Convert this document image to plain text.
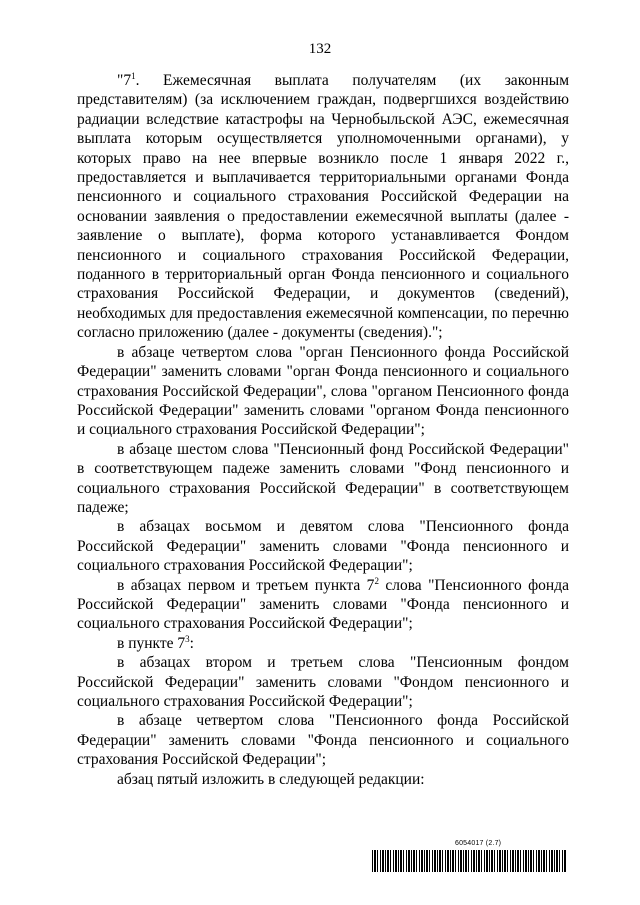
132

"$7^1$. Ежемесячная выплата получателям (их законным представителям) (за исключением граждан, подвергшихся воздействию радиации вследствие катастрофы на Чернобыльской АЭС, ежемесячная выплата которым осуществляется уполномоченными органами), у которых право на нее впервые возникло после 1 января 2022 г., предоставляется и выплачивается территориальными органами Фонда пенсионного и социального страхования Российской Федерации на основании заявления о предоставлении ежемесячной выплаты (далее - заявление о выплате), форма которого устанавливается Фондом пенсионного и социального страхования Российской Федерации, поданного в территориальный орган Фонда пенсионного и социального страхования Российской Федерации, и документов (сведений), необходимых для предоставления ежемесячной компенсации, по перечню согласно приложению (далее - документы (сведения).";

в абзаце четвертом слова "орган Пенсионного фонда Российской Федерации" заменить словами "орган Фонда пенсионного и социального страхования Российской Федерации", слова "органом Пенсионного фонда Российской Федерации" заменить словами "органом Фонда пенсионного и социального страхования Российской Федерации";

в абзаце шестом слова "Пенсионный фонд Российской Федерации" в соответствующем падеже заменить словами "Фонд пенсионного и социального страхования Российской Федерации" в соответствующем падеже;

в абзацах восьмом и девятом слова "Пенсионного фонда Российской Федерации" заменить словами "Фонда пенсионного и социального страхования Российской Федерации";

в абзацах первом и третьем пункта $7^2$ слова "Пенсионного фонда Российской Федерации" заменить словами "Фонда пенсионного и социального страхования Российской Федерации";

в пункте $7^3$:

в абзацах втором и третьем слова "Пенсионным фондом Российской Федерации" заменить словами "Фондом пенсионного и социального страхования Российской Федерации";

в абзаце четвертом слова "Пенсионного фонда Российской Федерации" заменить словами "Фонда пенсионного и социального страхования Российской Федерации";

абзац пятый изложить в следующей редакции:

6054017 (2.7)
